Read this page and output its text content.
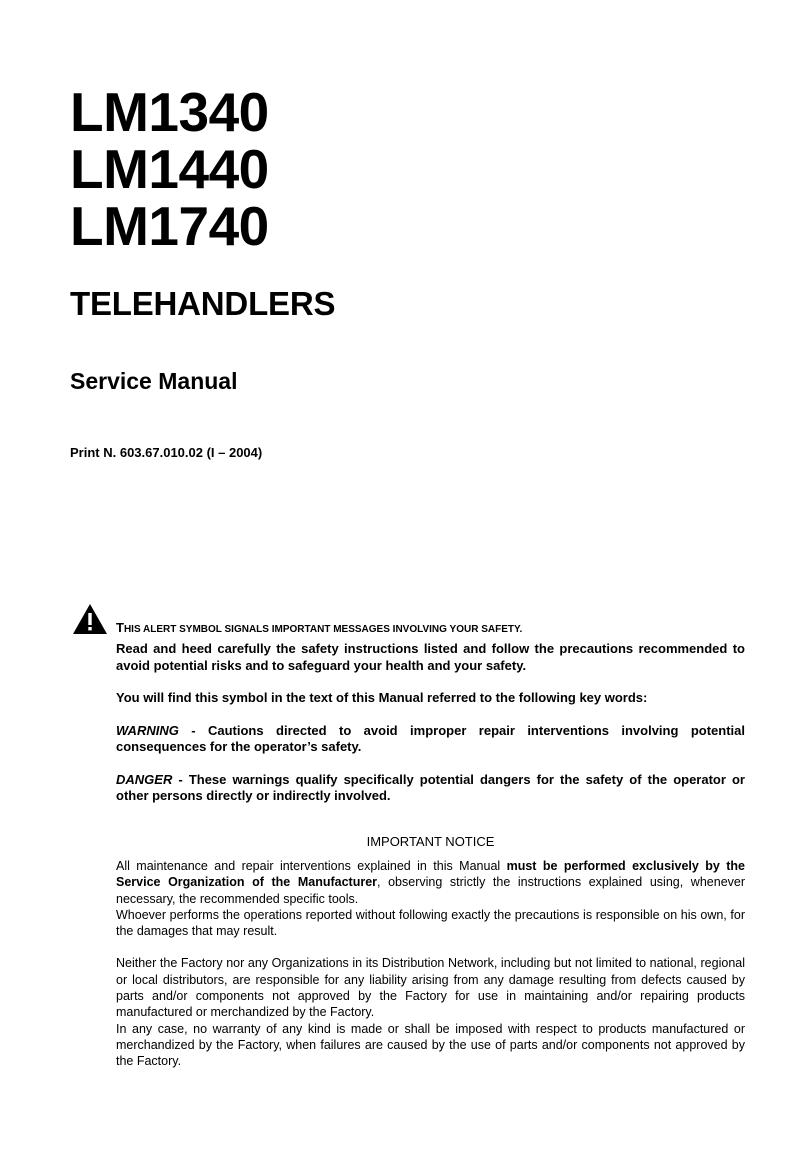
LM1340
LM1440
LM1740
TELEHANDLERS
Service Manual
Print N. 603.67.010.02 (I – 2004)
THIS ALERT SYMBOL SIGNALS IMPORTANT MESSAGES INVOLVING YOUR SAFETY.

Read and heed carefully the safety instructions listed and follow the precautions recommended to avoid potential risks and to safeguard your health and your safety.

You will find this symbol in the text of this Manual referred to the following key words:

WARNING - Cautions directed to avoid improper repair interventions involving potential consequences for the operator’s safety.

DANGER - These warnings qualify specifically potential dangers for the safety of the operator or other persons directly or indirectly involved.

IMPORTANT NOTICE

All maintenance and repair interventions explained in this Manual must be performed exclusively by the Service Organization of the Manufacturer, observing strictly the instructions explained using, whenever necessary, the recommended specific tools.

Whoever performs the operations reported without following exactly the precautions is responsible on his own, for the damages that may result.

Neither the Factory nor any Organizations in its Distribution Network, including but not limited to national, regional or local distributors, are responsible for any liability arising from any damage resulting from defects caused by parts and/or components not approved by the Factory for use in maintaining and/or repairing products manufactured or merchandized by the Factory.

In any case, no warranty of any kind is made or shall be imposed with respect to products manufactured or merchandized by the Factory, when failures are caused by the use of parts and/or components not approved by the Factory.
